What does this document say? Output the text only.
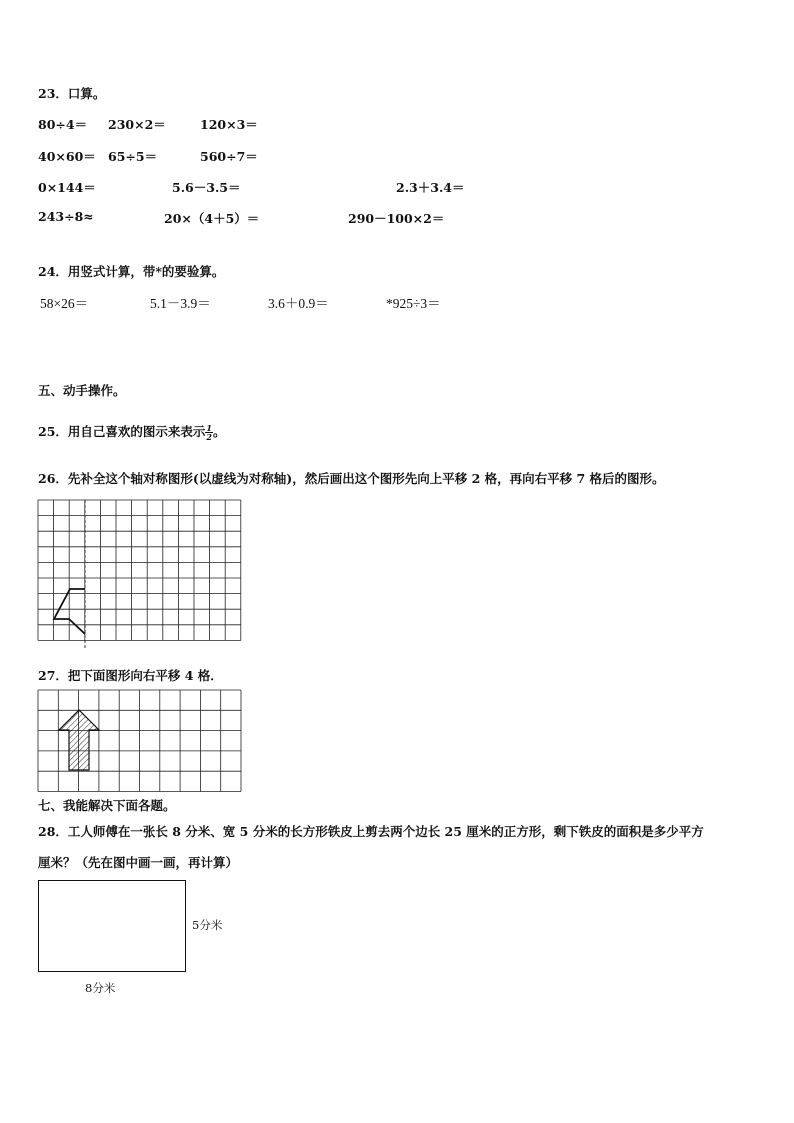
23．口算。
80÷4＝ 230×2＝	120×3＝
40×60＝ 65÷5＝	560÷7＝
0×144＝	5.6－3.5＝	2.3＋3.4＝
243÷8≈	20×（4＋5）＝	290－100×2＝
24．用竖式计算，带*的要验算。
58×26＝	5.1－3.9＝	3.6＋0.9＝	*925÷3＝
五、动手操作。
25．用自己喜欢的图示来表示 $\frac{1}{2}$ 。
26．先补全这个轴对称图形(以虚线为对称轴)，然后画出这个图形先向上平移 2 格，再向右平移 7 格后的图形。
27．把下面图形向右平移 4 格．
七、我能解决下面各题。
28．工人师傅在一张长 8 分米、宽 5 分米的长方形铁皮上剪去两个边长 25 厘米的正方形，剩下铁皮的面积是多少平方
厘米？（先在图中画一画，再计算）
5分米
8分米
